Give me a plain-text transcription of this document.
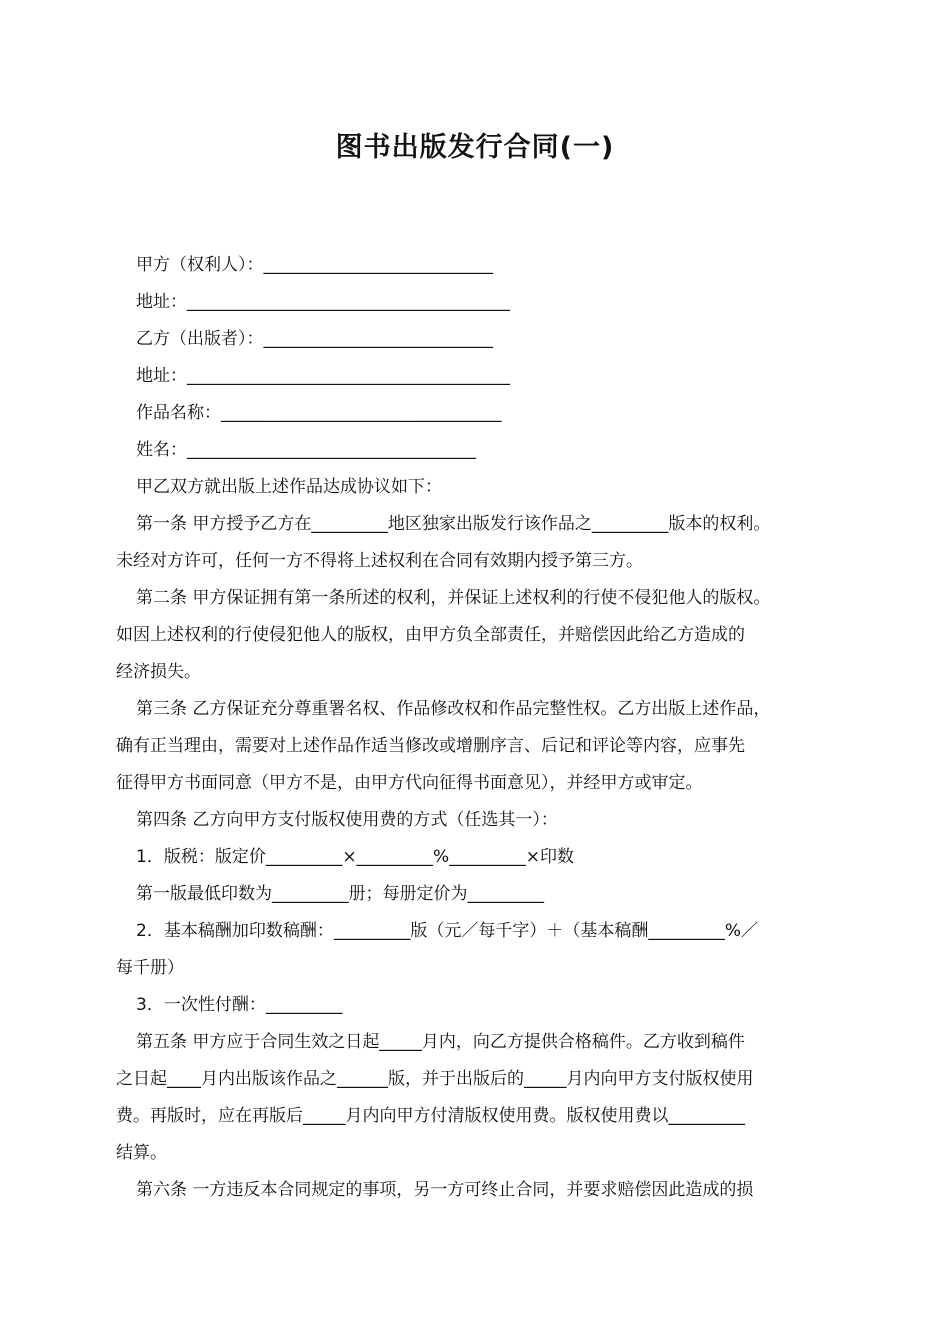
图书出版发行合同(一)
甲方（权利人）：___________________________
地址：______________________________________
乙方（出版者）：___________________________
地址：______________________________________
作品名称：_________________________________
姓名：__________________________________
甲乙双方就出版上述作品达成协议如下：
第一条 甲方授予乙方在_________地区独家出版发行该作品之_________版本的权利。
未经对方许可，任何一方不得将上述权利在合同有效期内授予第三方。
第二条 甲方保证拥有第一条所述的权利，并保证上述权利的行使不侵犯他人的版权。
如因上述权利的行使侵犯他人的版权，由甲方负全部责任，并赔偿因此给乙方造成的
经济损失。
第三条 乙方保证充分尊重署名权、作品修改权和作品完整性权。乙方出版上述作品，
确有正当理由，需要对上述作品作适当修改或增删序言、后记和评论等内容，应事先
征得甲方书面同意（甲方不是，由甲方代向征得书面意见），并经甲方或审定。
第四条 乙方向甲方支付版权使用费的方式（任选其一）：
1．版税：版定价_________×_________%_________×印数
第一版最低印数为_________册；每册定价为_________
2．基本稿酬加印数稿酬：_________版（元／每千字）＋（基本稿酬_________%／
每千册）
3．一次性付酬：_________
第五条 甲方应于合同生效之日起_____月内，向乙方提供合格稿件。乙方收到稿件
之日起____月内出版该作品之______版，并于出版后的_____月内向甲方支付版权使用
费。再版时，应在再版后_____月内向甲方付清版权使用费。版权使用费以_________
结算。
第六条 一方违反本合同规定的事项，另一方可终止合同，并要求赔偿因此造成的损
